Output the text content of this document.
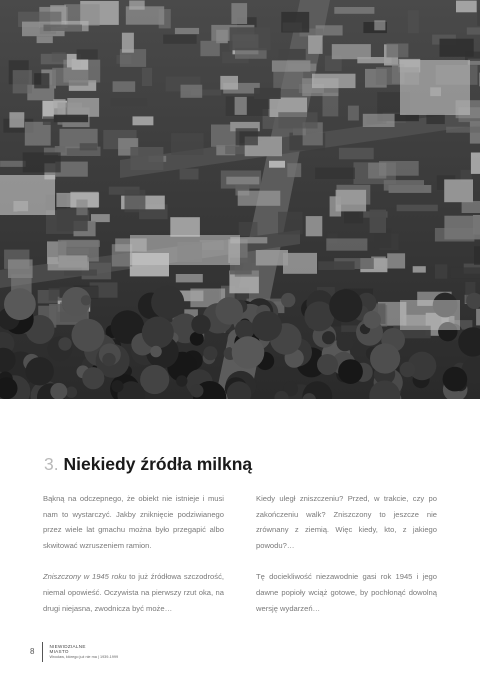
3. Niekiedy źródła milkną

Bąkną na odczepnego, że obiekt nie istnieje i musi nam to wystarczyć. Jakby zniknięcie podziwianego przez wiele lat gmachu można było przegapić albo skwitować wzruszeniem ramion.

Zniszczony w 1945 roku to już źródłowa szczodrość, niemal opowieść. Oczywista na pierwszy rzut oka, na drugi niejasna, zwodnicza być może…

Kiedy uległ zniszczeniu? Przed, w trakcie, czy po zakończeniu walk? Zniszczony to jeszcze nie zrównany z ziemią. Więc kiedy, kto, z jakiego powodu?…

Tę dociekliwość niezawodnie gasi rok 1945 i jego dawne popioły wciąż gotowe, by pochłonąć dowolną wersję wydarzeń…

8
NIEWIDZIALNE
MIASTO
Wrocław, którego już nie ma | 1939-1999
